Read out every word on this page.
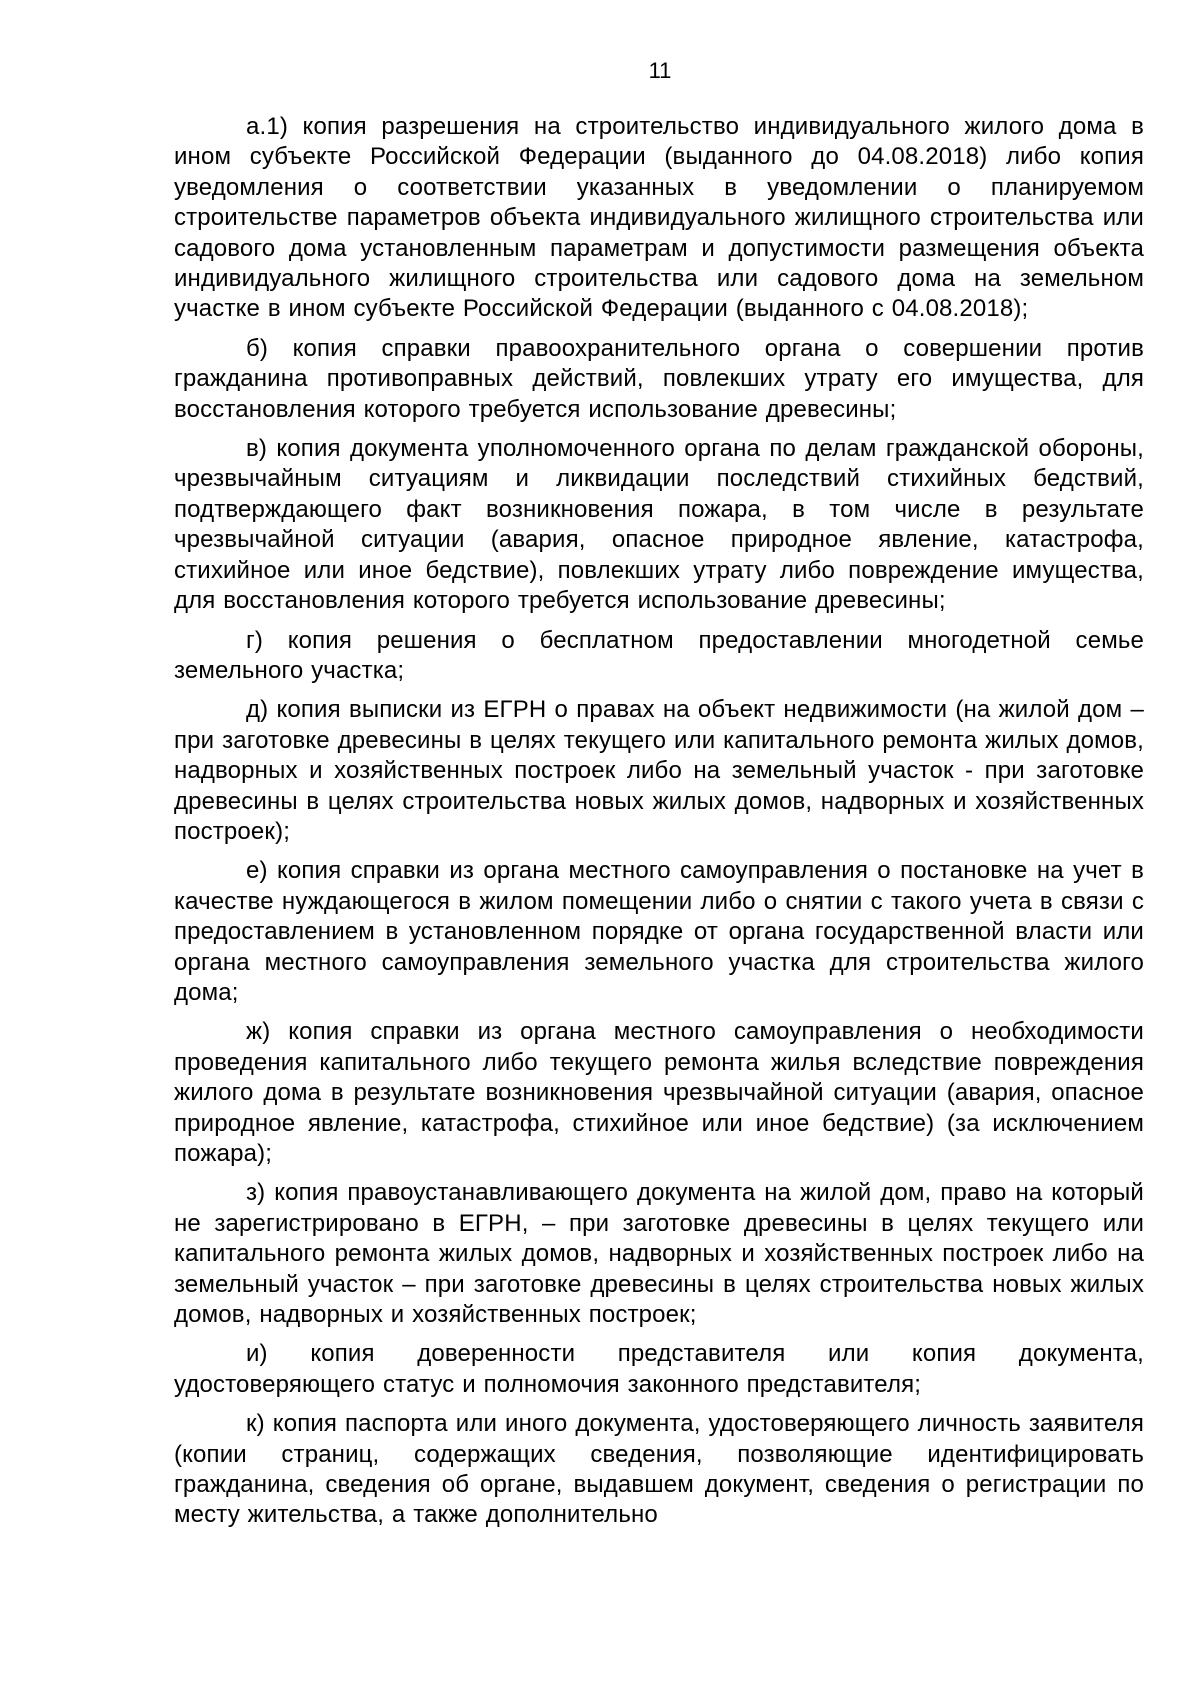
11

а.1) копия разрешения на строительство индивидуального жилого дома в ином субъекте Российской Федерации (выданного до 04.08.2018) либо копия уведомления о соответствии указанных в уведомлении о планируемом строительстве параметров объекта индивидуального жилищного строительства или садового дома установленным параметрам и допустимости размещения объекта индивидуального жилищного строительства или садового дома на земельном участке в ином субъекте Российской Федерации (выданного с 04.08.2018);

б) копия справки правоохранительного органа о совершении против гражданина противоправных действий, повлекших утрату его имущества, для восстановления которого требуется использование древесины;

в) копия документа уполномоченного органа по делам гражданской обороны, чрезвычайным ситуациям и ликвидации последствий стихийных бедствий, подтверждающего факт возникновения пожара, в том числе в результате чрезвычайной ситуации (авария, опасное природное явление, катастрофа, стихийное или иное бедствие), повлекших утрату либо повреждение имущества, для восстановления которого требуется использование древесины;

г) копия решения о бесплатном предоставлении многодетной семье земельного участка;

д) копия выписки из ЕГРН о правах на объект недвижимости (на жилой дом – при заготовке древесины в целях текущего или капитального ремонта жилых домов, надворных и хозяйственных построек либо на земельный участок - при заготовке древесины в целях строительства новых жилых домов, надворных и хозяйственных построек);

е) копия справки из органа местного самоуправления о постановке на учет в качестве нуждающегося в жилом помещении либо о снятии с такого учета в связи с предоставлением в установленном порядке от органа государственной власти или органа местного самоуправления земельного участка для строительства жилого дома;

ж) копия справки из органа местного самоуправления о необходимости проведения капитального либо текущего ремонта жилья вследствие повреждения жилого дома в результате возникновения чрезвычайной ситуации (авария, опасное природное явление, катастрофа, стихийное или иное бедствие) (за исключением пожара);

з) копия правоустанавливающего документа на жилой дом, право на который не зарегистрировано в ЕГРН, – при заготовке древесины в целях текущего или капитального ремонта жилых домов, надворных и хозяйственных построек либо на земельный участок – при заготовке древесины в целях строительства новых жилых домов, надворных и хозяйственных построек;

и) копия доверенности представителя или копия документа, удостоверяющего статус и полномочия законного представителя;

к) копия паспорта или иного документа, удостоверяющего личность заявителя (копии страниц, содержащих сведения, позволяющие идентифицировать гражданина, сведения об органе, выдавшем документ, сведения о регистрации по месту жительства, а также дополнительно
